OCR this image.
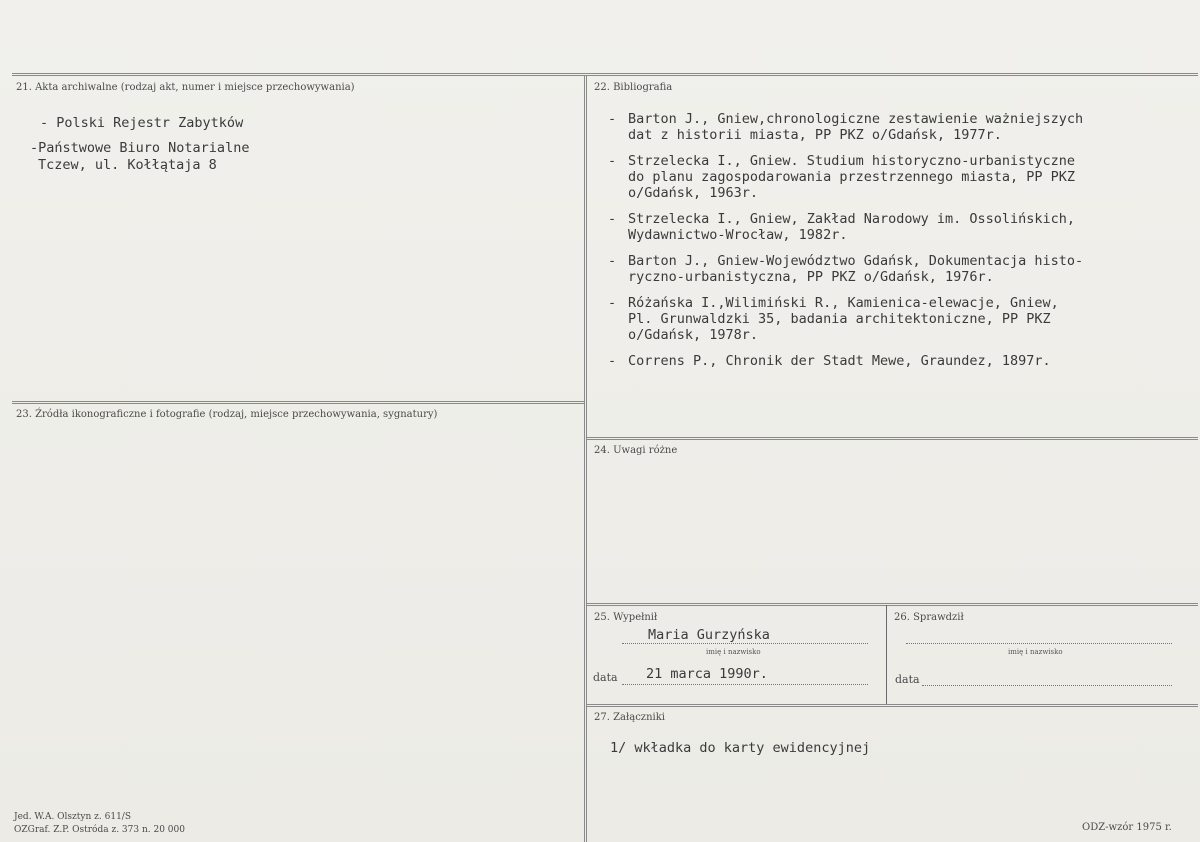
21. Akta archiwalne (rodzaj akt, numer i miejsce przechowywania)	22. Bibliografia
23. Źródła ikonograficzne i fotografie (rodzaj, miejsce przechowywania, sygnatury)
24. Uwagi różne
25. Wypełnił	26. Sprawdził
27. Załączniki
- Polski Rejestr Zabytków
-Państwowe Biuro Notarialne
Tczew, ul. Kołłątaja 8
- Barton J., Gniew,chronologiczne zestawienie ważniejszych
dat z historii miasta, PP PKZ o/Gdańsk, 1977r.
- Strzelecka I., Gniew. Studium historyczno-urbanistyczne
do planu zagospodarowania przestrzennego miasta, PP PKZ
o/Gdańsk, 1963r.
- Strzelecka I., Gniew, Zakład Narodowy im. Ossolińskich,
Wydawnictwo-Wrocław, 1982r.
- Barton J., Gniew-Województwo Gdańsk, Dokumentacja histo-
ryczno-urbanistyczna, PP PKZ o/Gdańsk, 1976r.
- Różańska I.,Wilimiński R., Kamienica-elewacje, Gniew,
Pl. Grunwaldzki 35, badania architektoniczne, PP PKZ
o/Gdańsk, 1978r.
- Correns P., Chronik der Stadt Mewe, Graundez, 1897r.
Maria Gurzyńska
imię i nazwisko
data 21 marca 1990r.
imię i nazwisko
data
1/ wkładka do karty ewidencyjnej
Jed. W.A. Olsztyn z. 611/S
OZGraf. Z.P. Ostróda z. 373 n. 20 000	ODZ-wzór 1975 r.
